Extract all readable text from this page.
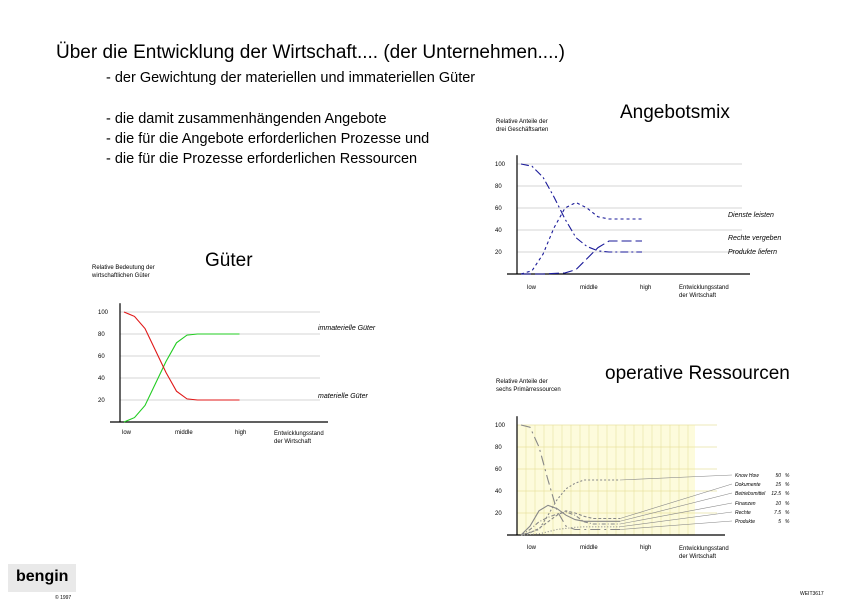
Über die Entwicklung der Wirtschaft.... (der Unternehmen....)
- der Gewichtung der materiellen und immateriellen Güter
- die damit zusammenhängenden Angebote
- die für die Angebote erforderlichen Prozesse und
- die für die Prozesse erforderlichen Ressourcen
Angebotsmix
Güter
operative Ressourcen
100
80
60
40
20
Relative Bedeutung der
wirtschaftlichen Güter
Entwicklungsstand
der Wirtschaft
low	middle	high
immaterielle Güter
materielle Güter
100
80
60
40
20
Relative Anteile der
drei Geschäftsarten
Entwicklungsstand
der Wirtschaft
low	middle	high
Dienste leisten
Rechte vergeben
Produkte liefern
100
80
60
40
20
Relative Anteile der
sechs Primärressourcen
Entwicklungsstand
der Wirtschaft
low	middle	high
Know How	50 %
Dokumente	15 %
Betriebsmittel 12.5 %
Finanzen	10 %
Rechte	7.5 %
Produkte	5 %
bengin
© 1997
WEIT3617
